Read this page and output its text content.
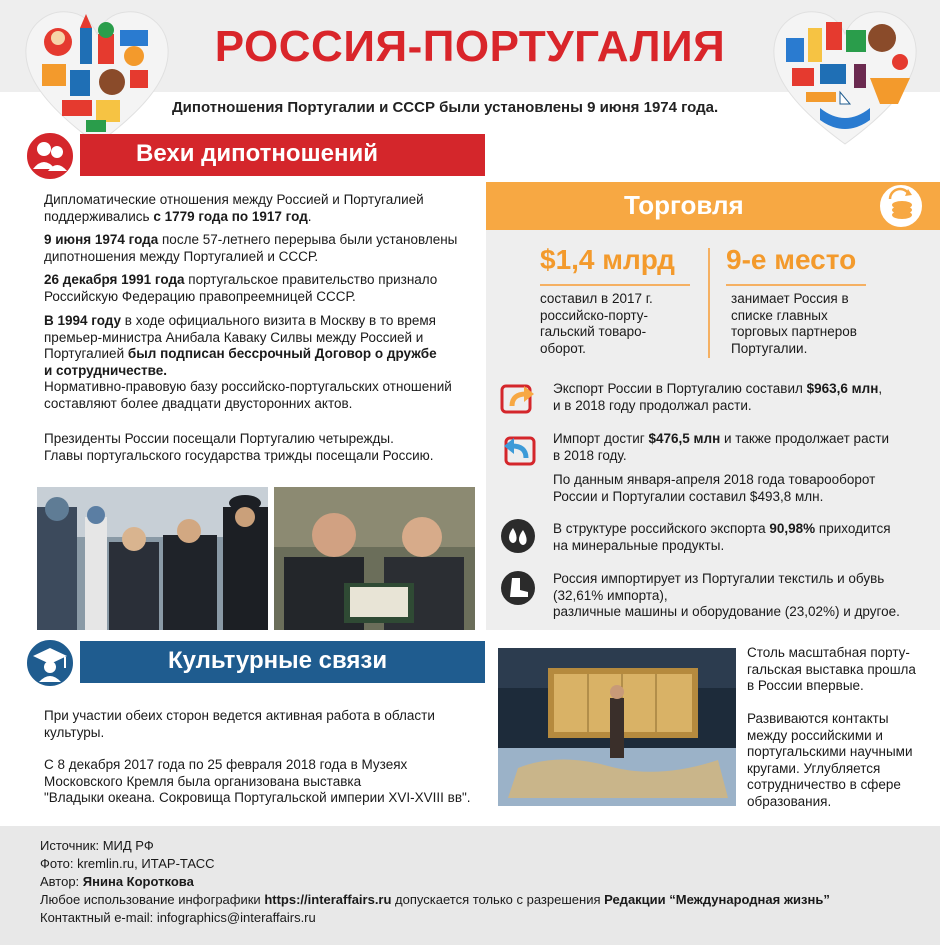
РОССИЯ-ПОРТУГАЛИЯ
Дипотношения Португалии и СССР были установлены 9 июня 1974 года.
Вехи дипотношений
Дипломатические отношения между Россией и Португалией
поддерживались с 1779 года по 1917 год.
9 июня 1974 года после 57-летнего перерыва были установлены
дипотношения между Португалией и СССР.
26 декабря 1991 года португальское правительство признало
Российскую Федерацию правопреемницей СССР.
В 1994 году в ходе официального визита в Москву в то время
премьер-министра Анибала Каваку Силвы между Россией и
Португалией был подписан бессрочный Договор о дружбе
и сотрудничестве.
Нормативно-правовую базу российско-португальских отношений
составляют более двадцати двусторонних актов.
Президенты России посещали Португалию четырежды.
Главы португальского государства трижды посещали Россию.
Торговля
$1,4 млрд
составил в 2017 г.
российско-порту-
гальский товаро-
оборот.
9-е место
занимает Россия в
списке главных
торговых партнеров
Португалии.
Экспорт России в Португалию составил $963,6 млн,
и в 2018 году продолжал расти.
Импорт достиг $476,5 млн и также продолжает расти
в 2018 году.
По данным января-апреля 2018 года товарооборот
России и Португалии составил $493,8 млн.
В структуре российского экспорта 90,98% приходится
на минеральные продукты.
Россия импортирует из Португалии текстиль и обувь
(32,61% импорта),
различные машины и оборудование (23,02%) и другое.
Культурные связи
При участии обеих сторон ведется активная работа в области
культуры.
С 8 декабря 2017 года по 25 февраля 2018 года в Музеях
Московского Кремля была организована выставка
"Владыки океана. Сокровища Португальской империи XVI-XVIII вв".
Столь масштабная порту-
гальская выставка прошла
в России впервые.

Развиваются контакты
между российскими и
португальскими научными
кругами. Углубляется
сотрудничество в сфере
образования.
Источник: МИД РФ
Фото: kremlin.ru, ИТАР-ТАСС
Автор: Янина Короткова
Любое использование инфографики https://interaffairs.ru допускается только с разрешения Редакции “Международная жизнь”
Контактный e-mail: infographics@interaffairs.ru
